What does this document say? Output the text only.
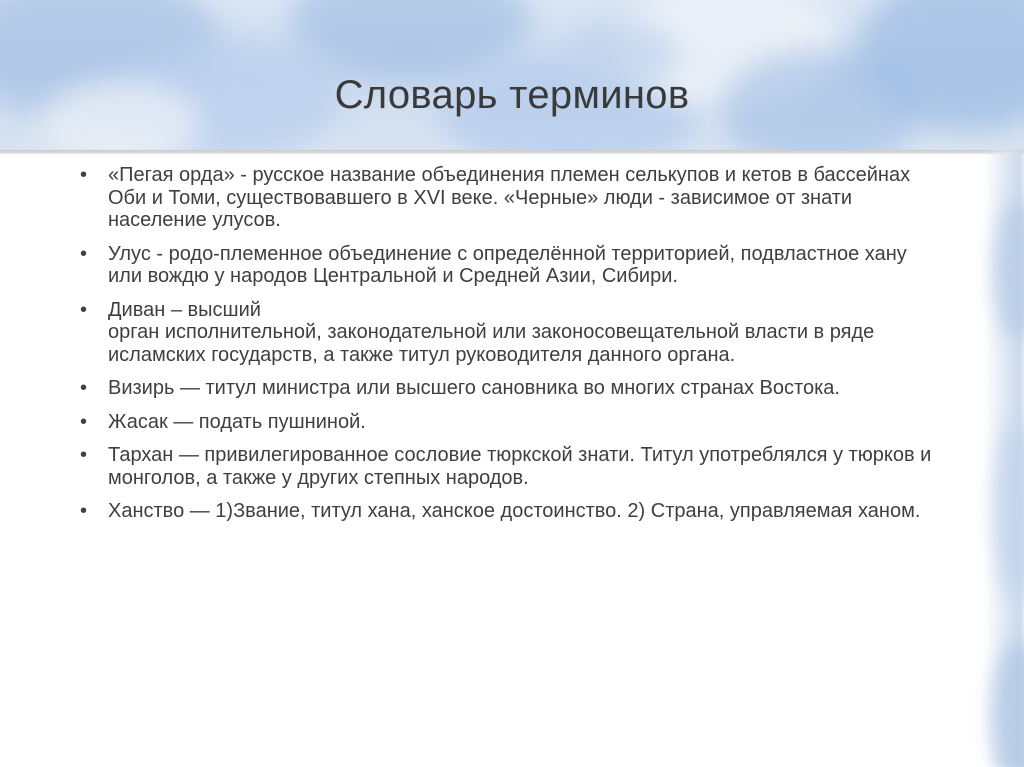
Словарь терминов
•	«Пегая орда» - русское название объединения племен селькупов и кетов в бассейнах Оби и Томи, существовавшего в XVI веке. «Черные» люди - зависимое от знати население улусов.
•	Улус - родо-племенное объединение с определённой территорией, подвластное хану или вождю у народов Центральной и Средней Азии, Сибири.
•	Диван – высший
орган исполнительной, законодательной или законосовещательной власти в ряде исламских государств, а также титул руководителя данного органа.
•	Визирь — титул министра или высшего сановника во многих странах Востока.
•	Жасак — подать пушниной.
•	Тархан — привилегированное сословие тюркской знати. Титул употреблялся у тюрков и монголов, а также у других степных народов.
•	Ханство — 1)Звание, титул хана, ханское достоинство. 2) Страна, управляемая ханом.
